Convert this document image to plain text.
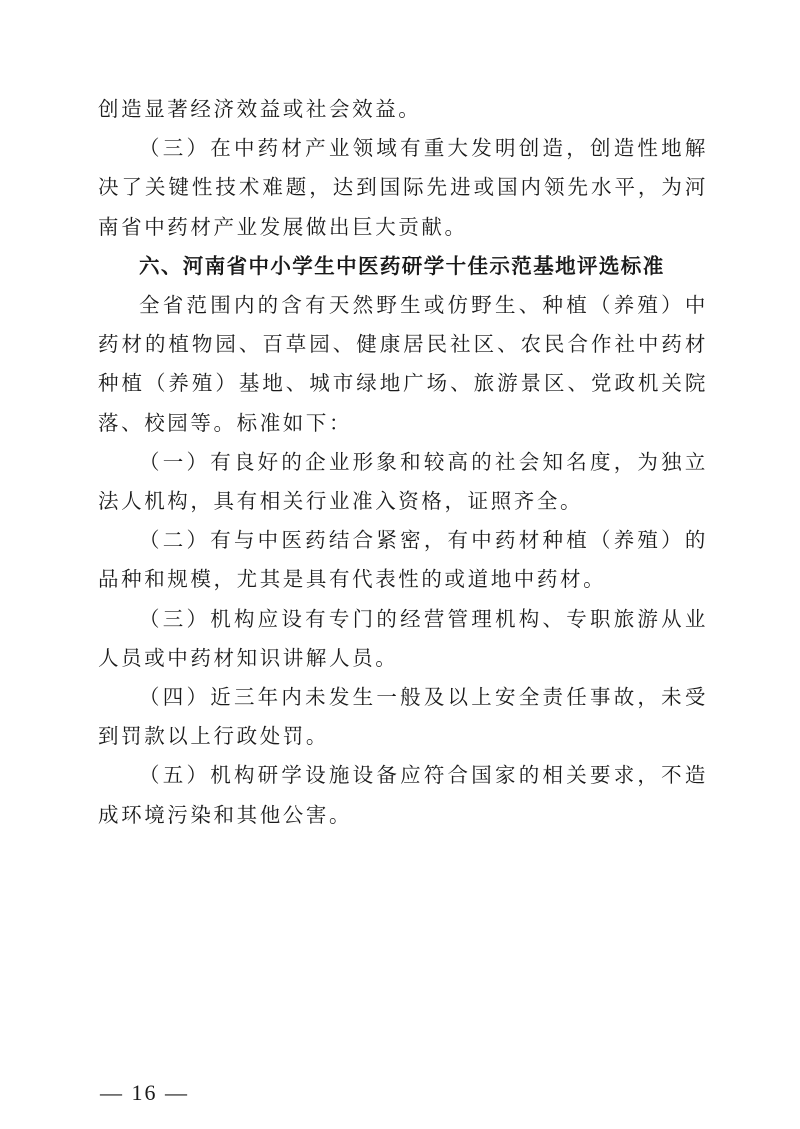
创造显著经济效益或社会效益。

（三）在中药材产业领域有重大发明创造，创造性地解决了关键性技术难题，达到国际先进或国内领先水平，为河南省中药材产业发展做出巨大贡献。

六、河南省中小学生中医药研学十佳示范基地评选标准

全省范围内的含有天然野生或仿野生、种植（养殖）中药材的植物园、百草园、健康居民社区、农民合作社中药材种植（养殖）基地、城市绿地广场、旅游景区、党政机关院落、校园等。标准如下：

（一）有良好的企业形象和较高的社会知名度，为独立法人机构，具有相关行业准入资格，证照齐全。

（二）有与中医药结合紧密，有中药材种植（养殖）的品种和规模，尤其是具有代表性的或道地中药材。

（三）机构应设有专门的经营管理机构、专职旅游从业人员或中药材知识讲解人员。

（四）近三年内未发生一般及以上安全责任事故，未受到罚款以上行政处罚。

（五）机构研学设施设备应符合国家的相关要求，不造成环境污染和其他公害。

— 16 —
